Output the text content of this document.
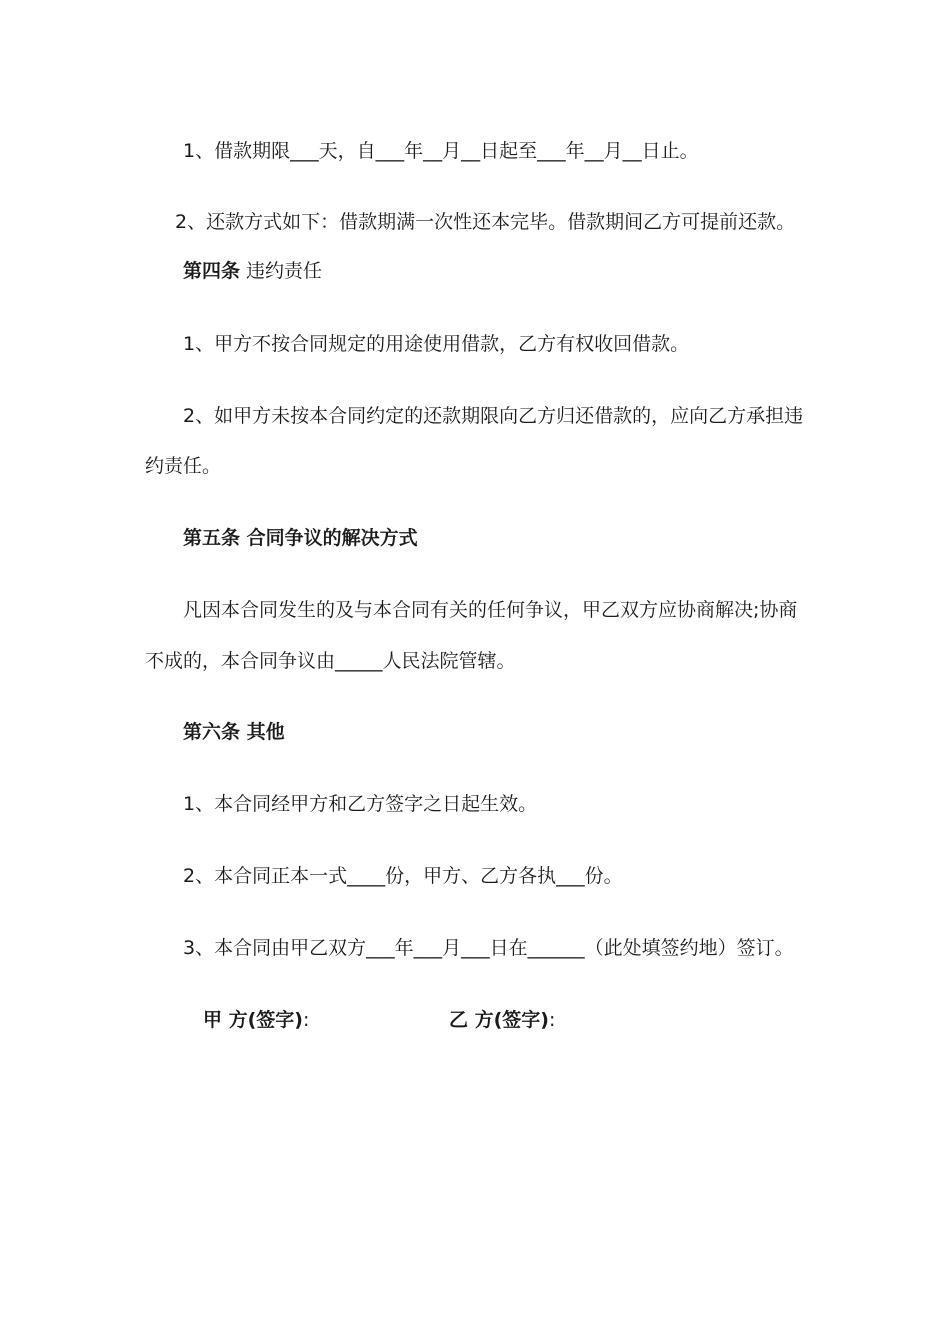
1、借款期限___天，自___年__月__日起至___年__月__日止。
2、还款方式如下：借款期满一次性还本完毕。借款期间乙方可提前还款。
第四条 违约责任
1、甲方不按合同规定的用途使用借款，乙方有权收回借款。
2、如甲方未按本合同约定的还款期限向乙方归还借款的，应向乙方承担违
约责任。
第五条 合同争议的解决方式
凡因本合同发生的及与本合同有关的任何争议，甲乙双方应协商解决;协商
不成的，本合同争议由_____人民法院管辖。
第六条 其他
1、本合同经甲方和乙方签字之日起生效。
2、本合同正本一式____份，甲方、乙方各执___份。
3、本合同由甲乙双方___年___月___日在______（此处填签约地）签订。
甲 方(签字):	乙 方(签字):
